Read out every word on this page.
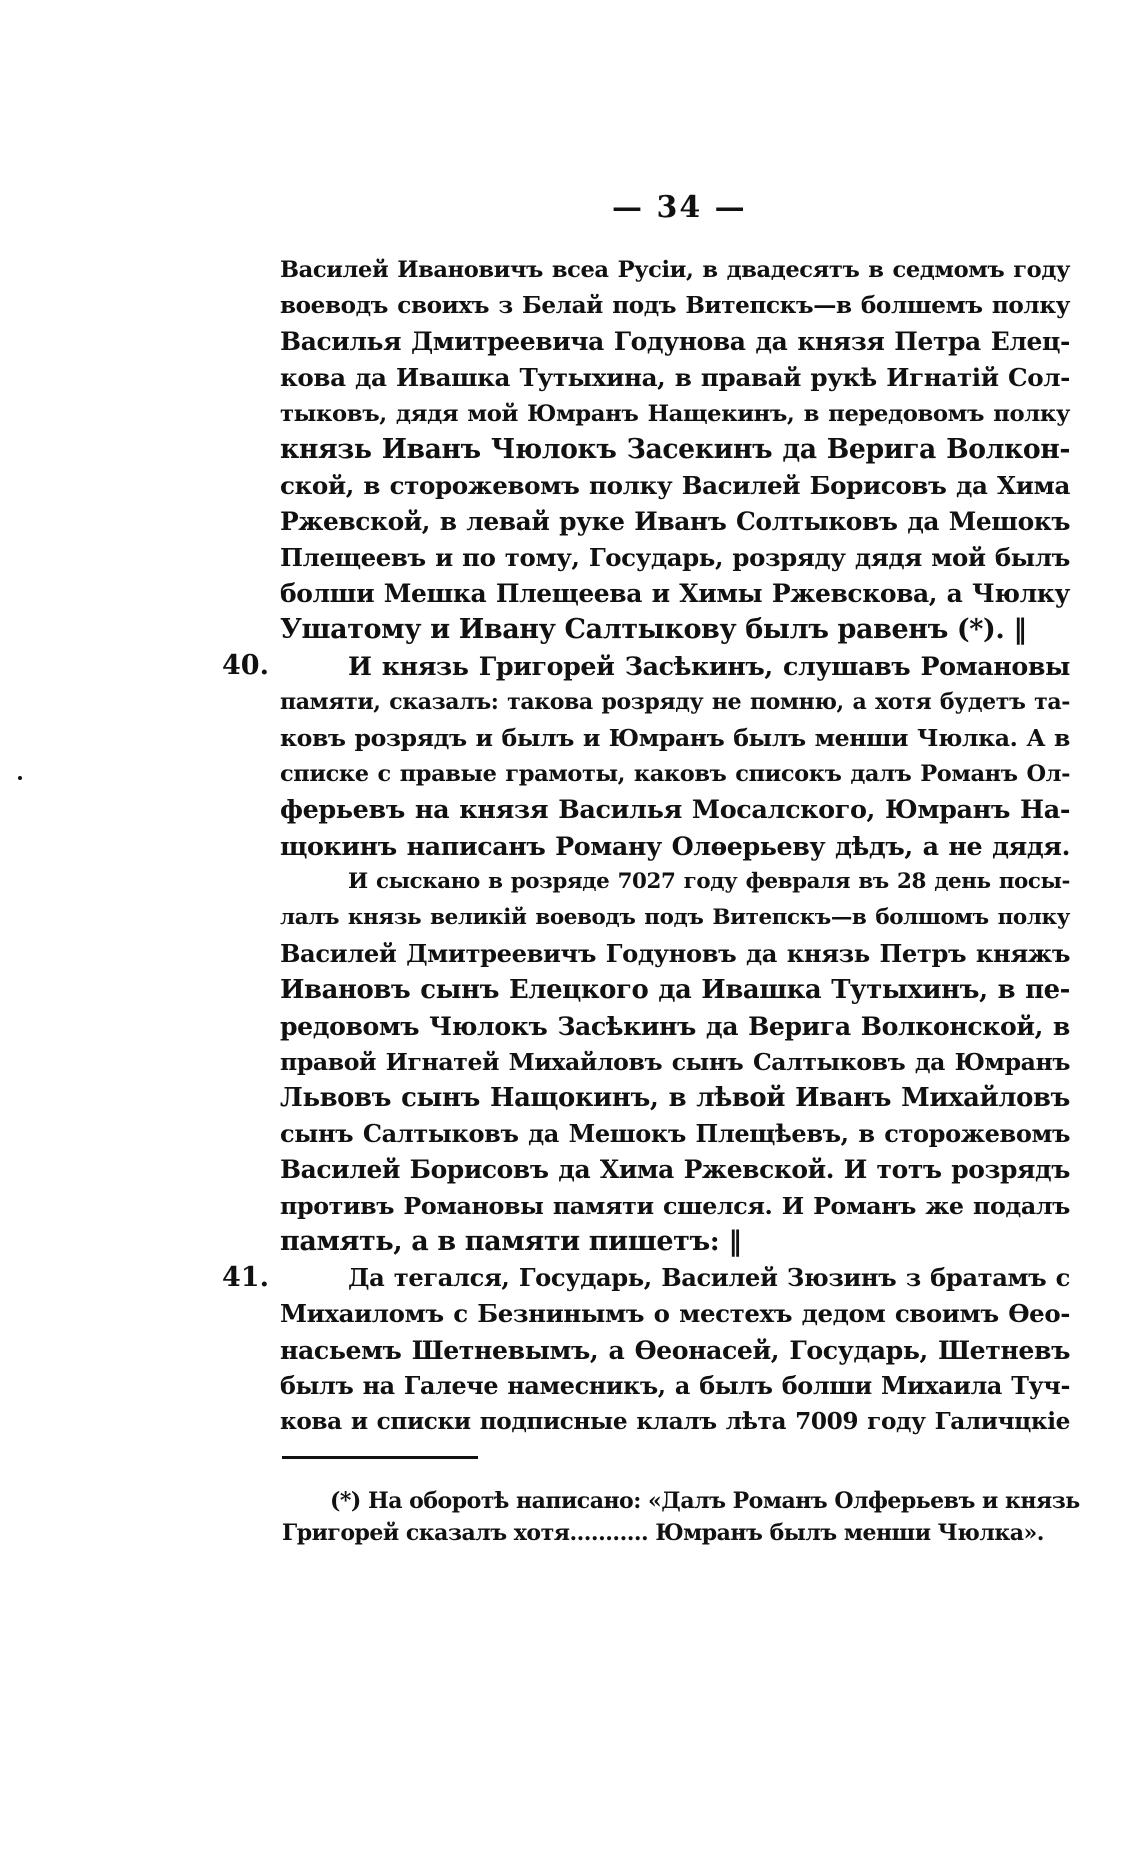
— 34 —
Василей Ивановичъ всеа Русіи, в двадесятъ в седмомъ году
воеводъ своихъ з Белай подъ Витепскъ—в болшемъ полку
Василья Дмитреевича Годунова да князя Петра Елец-
кова да Ивашка Тутыхина, в правай рукѣ Игнатій Сол-
тыковъ, дядя мой Юмранъ Нащекинъ, в передовомъ полку
князь Иванъ Чюлокъ Засекинъ да Верига Волкон-
ской, в сторожевомъ полку Василей Борисовъ да Хима
Ржевской, в левай руке Иванъ Солтыковъ да Мешокъ
Плещеевъ и по тому, Государь, розряду дядя мой былъ
болши Мешка Плещеева и Химы Ржевскова, а Чюлку
Ушатому и Ивану Салтыкову былъ равенъ (*). ‖
40.	И князь Григорей Засѣкинъ, слушавъ Романовы
памяти, сказалъ: такова розряду не помню, а хотя будетъ та-
ковъ розрядъ и былъ и Юмранъ былъ менши Чюлка. А в
списке с правые грамоты, каковъ списокъ далъ Романъ Ол-
ферьевъ на князя Василья Мосалского, Юмранъ На-
щокинъ написанъ Роману Олѳерьеву дѣдъ, а не дядя.
И сыскано в розряде 7027 году февраля въ 28 день посы-
лалъ князь великій воеводъ подъ Витепскъ—в болшомъ полку
Василей Дмитреевичъ Годуновъ да князь Петръ княжъ
Ивановъ сынъ Елецкого да Ивашка Тутыхинъ, в пе-
редовомъ Чюлокъ Засѣкинъ да Верига Волконской, в
правой Игнатей Михайловъ сынъ Салтыковъ да Юмранъ
Львовъ сынъ Нащокинъ, в лѣвой Иванъ Михайловъ
сынъ Салтыковъ да Мешокъ Плещѣевъ, в сторожевомъ
Василей Борисовъ да Хима Ржевской. И тотъ розрядъ
противъ Романовы памяти сшелся. И Романъ же подалъ
память, а в памяти пишетъ: ‖
41.	Да тегался, Государь, Василей Зюзинъ з братамъ с
Михаиломъ с Безнинымъ о местехъ дедом своимъ Ѳео-
насьемъ Шетневымъ, а Ѳеонасей, Государь, Шетневъ
былъ на Галече намесникъ, а былъ болши Михаила Туч-
кова и списки подписные клалъ лѣта 7009 году Галичцкіе
(*) На оборотѣ написано: «Далъ Романъ Олферьевъ и князь
Григорей сказалъ хотя........... Юмранъ былъ менши Чюлка».
